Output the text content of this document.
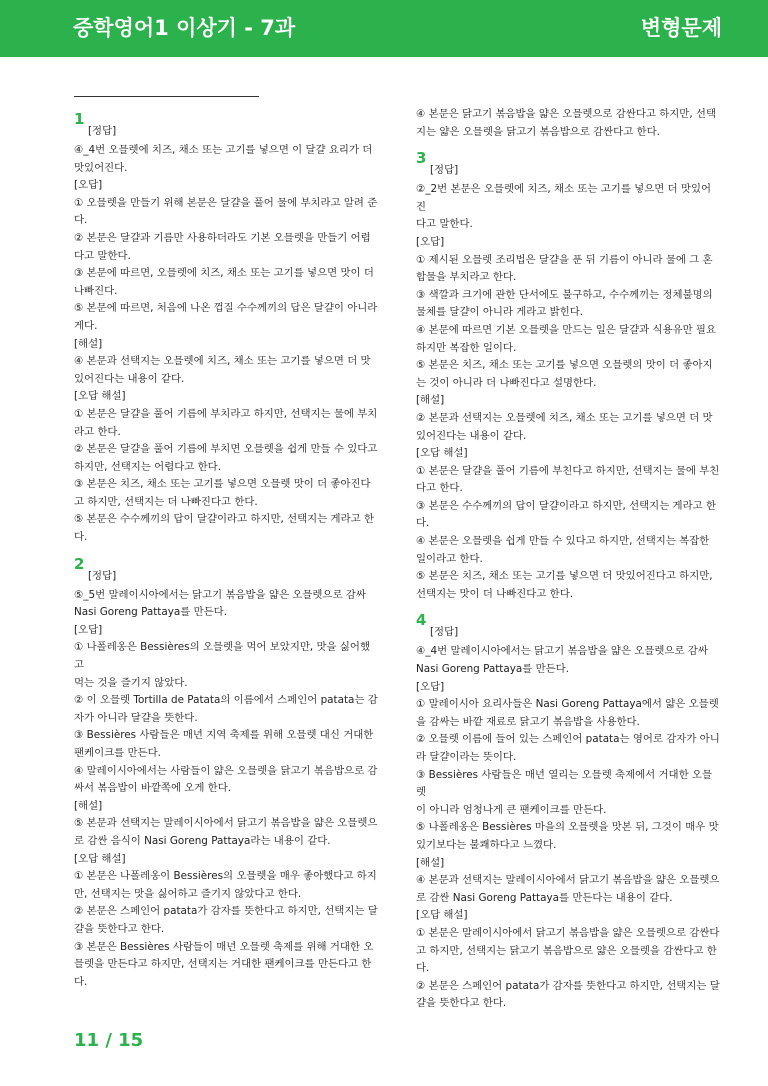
중학영어1 이상기 - 7과	변형문제
1
[정답]

④_4번 오믈렛에 치즈, 채소 또는 고기를 넣으면 이 달걀 요리가 더

맛있어진다.

[오답]

① 오믈렛을 만들기 위해 본문은 달걀을 풀어 물에 부치라고 알려 준

다.

② 본문은 달걀과 기름만 사용하더라도 기본 오믈렛을 만들기 어렵

다고 말한다.

③ 본문에 따르면, 오믈렛에 치즈, 채소 또는 고기를 넣으면 맛이 더

나빠진다.

⑤ 본문에 따르면, 처음에 나온 껍질 수수께끼의 답은 달걀이 아니라

게다.

[해설]

④ 본문과 선택지는 오믈렛에 치즈, 채소 또는 고기를 넣으면 더 맛

있어진다는 내용이 같다.

[오답 해설]

① 본문은 달걀을 풀어 기름에 부치라고 하지만, 선택지는 물에 부치

라고 한다.

② 본문은 달걀을 풀어 기름에 부치면 오믈렛을 쉽게 만들 수 있다고

하지만, 선택지는 어렵다고 한다.

③ 본문은 치즈, 채소 또는 고기를 넣으면 오믈렛 맛이 더 좋아진다

고 하지만, 선택지는 더 나빠진다고 한다.

⑤ 본문은 수수께끼의 답이 달걀이라고 하지만, 선택지는 게라고 한

다.

2
[정답]

⑤_5번 말레이시아에서는 닭고기 볶음밥을 얇은 오믈렛으로 감싸

Nasi Goreng Pattaya를 만든다.

[오답]

① 나폴레옹은 Bessières의 오믈렛을 먹어 보았지만, 맛을 싫어했고

먹는 것을 즐기지 않았다.

② 이 오믈렛 Tortilla de Patata의 이름에서 스페인어 patata는 감

자가 아니라 달걀을 뜻한다.

③ Bessières 사람들은 매년 지역 축제를 위해 오믈렛 대신 거대한

팬케이크를 만든다.

④ 말레이시아에서는 사람들이 얇은 오믈렛을 닭고기 볶음밥으로 감

싸서 볶음밥이 바깥쪽에 오게 한다.

[해설]

⑤ 본문과 선택지는 말레이시아에서 닭고기 볶음밥을 얇은 오믈렛으

로 감싼 음식이 Nasi Goreng Pattaya라는 내용이 같다.

[오답 해설]

① 본문은 나폴레옹이 Bessières의 오믈렛을 매우 좋아했다고 하지

만, 선택지는 맛을 싫어하고 즐기지 않았다고 한다.

② 본문은 스페인어 patata가 감자를 뜻한다고 하지만, 선택지는 달

걀을 뜻한다고 한다.

③ 본문은 Bessières 사람들이 매년 오믈렛 축제를 위해 거대한 오

믈렛을 만든다고 하지만, 선택지는 거대한 팬케이크를 만든다고 한

다.

④ 본문은 닭고기 볶음밥을 얇은 오믈렛으로 감싼다고 하지만, 선택

지는 얇은 오믈렛을 닭고기 볶음밥으로 감싼다고 한다.

3
[정답]

②_2번 본문은 오믈렛에 치즈, 채소 또는 고기를 넣으면 더 맛있어진

다고 말한다.

[오답]

① 제시된 오믈렛 조리법은 달걀을 푼 뒤 기름이 아니라 물에 그 혼

합물을 부치라고 한다.

③ 색깔과 크기에 관한 단서에도 불구하고, 수수께끼는 정체불명의

물체를 달걀이 아니라 게라고 밝힌다.

④ 본문에 따르면 기본 오믈렛을 만드는 일은 달걀과 식용유만 필요

하지만 복잡한 일이다.

⑤ 본문은 치즈, 채소 또는 고기를 넣으면 오믈렛의 맛이 더 좋아지

는 것이 아니라 더 나빠진다고 설명한다.

[해설]

② 본문과 선택지는 오믈렛에 치즈, 채소 또는 고기를 넣으면 더 맛

있어진다는 내용이 같다.

[오답 해설]

① 본문은 달걀을 풀어 기름에 부친다고 하지만, 선택지는 물에 부친

다고 한다.

③ 본문은 수수께끼의 답이 달걀이라고 하지만, 선택지는 게라고 한

다.

④ 본문은 오믈렛을 쉽게 만들 수 있다고 하지만, 선택지는 복잡한

일이라고 한다.

⑤ 본문은 치즈, 채소 또는 고기를 넣으면 더 맛있어진다고 하지만,

선택지는 맛이 더 나빠진다고 한다.

4
[정답]

④_4번 말레이시아에서는 닭고기 볶음밥을 얇은 오믈렛으로 감싸

Nasi Goreng Pattaya를 만든다.

[오답]

① 말레이시아 요리사들은 Nasi Goreng Pattaya에서 얇은 오믈렛

을 감싸는 바깥 재료로 닭고기 볶음밥을 사용한다.

② 오믈렛 이름에 들어 있는 스페인어 patata는 영어로 감자가 아니

라 달걀이라는 뜻이다.

③ Bessières 사람들은 매년 열리는 오믈렛 축제에서 거대한 오믈렛

이 아니라 엄청나게 큰 팬케이크를 만든다.

⑤ 나폴레옹은 Bessières 마을의 오믈렛을 맛본 뒤, 그것이 매우 맛

있기보다는 불쾌하다고 느꼈다.

[해설]

④ 본문과 선택지는 말레이시아에서 닭고기 볶음밥을 얇은 오믈렛으

로 감싼 Nasi Goreng Pattaya를 만든다는 내용이 같다.

[오답 해설]

① 본문은 말레이시아에서 닭고기 볶음밥을 얇은 오믈렛으로 감싼다

고 하지만, 선택지는 닭고기 볶음밥으로 얇은 오믈렛을 감싼다고 한

다.

② 본문은 스페인어 patata가 감자를 뜻한다고 하지만, 선택지는 달

걀을 뜻한다고 한다.

11 / 15
